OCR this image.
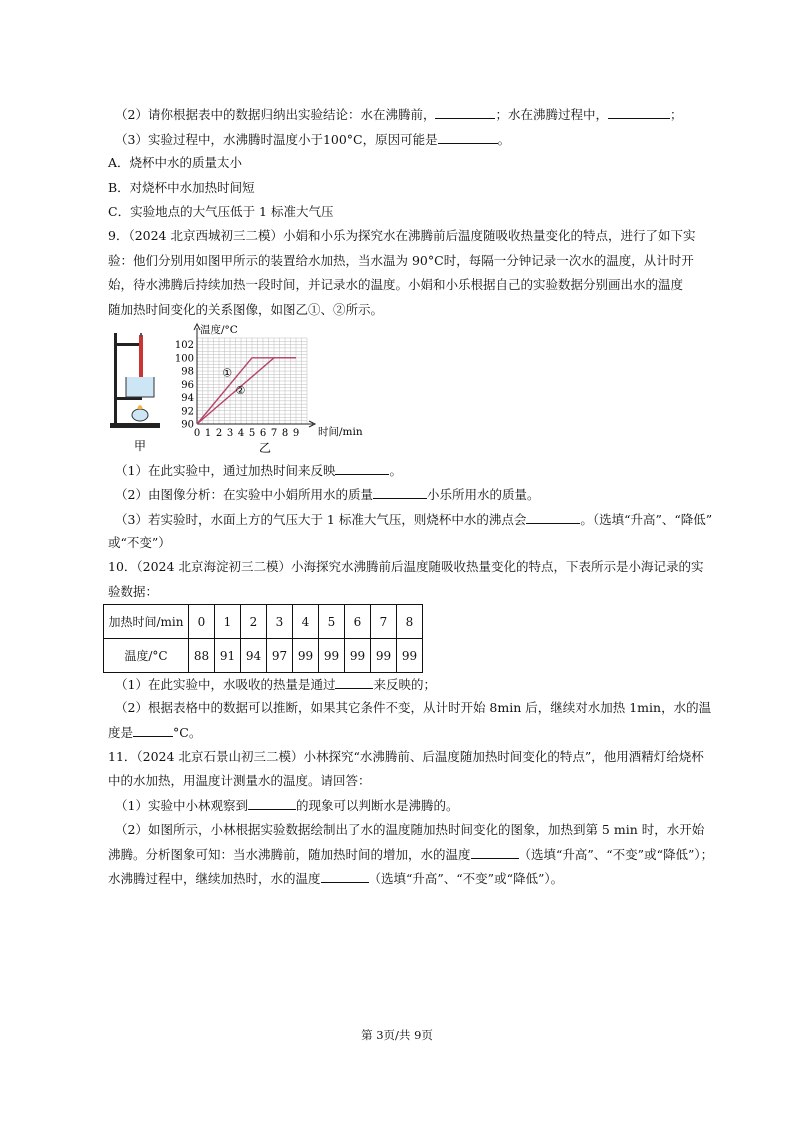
（2）请你根据表中的数据归纳出实验结论：水在沸腾前，	；水在沸腾过程中，	；
（3）实验过程中，水沸腾时温度小于100°C，原因可能是	。
A．烧杯中水的质量太小
B．对烧杯中水加热时间短
C．实验地点的大气压低于 1 标准大气压
9．（2024 北京西城初三二模）小娟和小乐为探究水在沸腾前后温度随吸收热量变化的特点，进行了如下实
验：他们分别用如图甲所示的装置给水加热，当水温为 90°C时，每隔一分钟记录一次水的温度，从计时开
始，待水沸腾后持续加热一段时间，并记录水的温度。小娟和小乐根据自己的实验数据分别画出水的温度
随加热时间变化的关系图像，如图乙①、②所示。
甲
温度/°C
时间/min
90
92
94
96
98
100
102
0 1 2 3 4 5 6 7 8 9
①
②
乙
（1）在此实验中，通过加热时间来反映	。
（2）由图像分析：在实验中小娟所用水的质量	小乐所用水的质量。
（3）若实验时，水面上方的气压大于 1 标准大气压，则烧杯中水的沸点会	。（选填“升高”、“降低”
或“不变”）
10．（2024 北京海淀初三二模）小海探究水沸腾前后温度随吸收热量变化的特点，下表所示是小海记录的实
验数据：
加热时间/min	0	1	2	3	4	5	6	7	8
温度/°C	88	91	94	97	99	99	99	99	99
（1）在此实验中，水吸收的热量是通过	来反映的；
（2）根据表格中的数据可以推断，如果其它条件不变，从计时开始 8min 后，继续对水加热 1min，水的温
度是	°C。
11．（2024 北京石景山初三二模）小林探究“水沸腾前、后温度随加热时间变化的特点”，他用酒精灯给烧杯
中的水加热，用温度计测量水的温度。请回答：
（1）实验中小林观察到	的现象可以判断水是沸腾的。
（2）如图所示，小林根据实验数据绘制出了水的温度随加热时间变化的图象，加热到第 5 min 时，水开始
沸腾。分析图象可知：当水沸腾前，随加热时间的增加，水的温度	（选填“升高”、“不变”或“降低”）；
水沸腾过程中，继续加热时，水的温度	（选填“升高”、“不变”或“降低”）。
第 3页/共 9页
